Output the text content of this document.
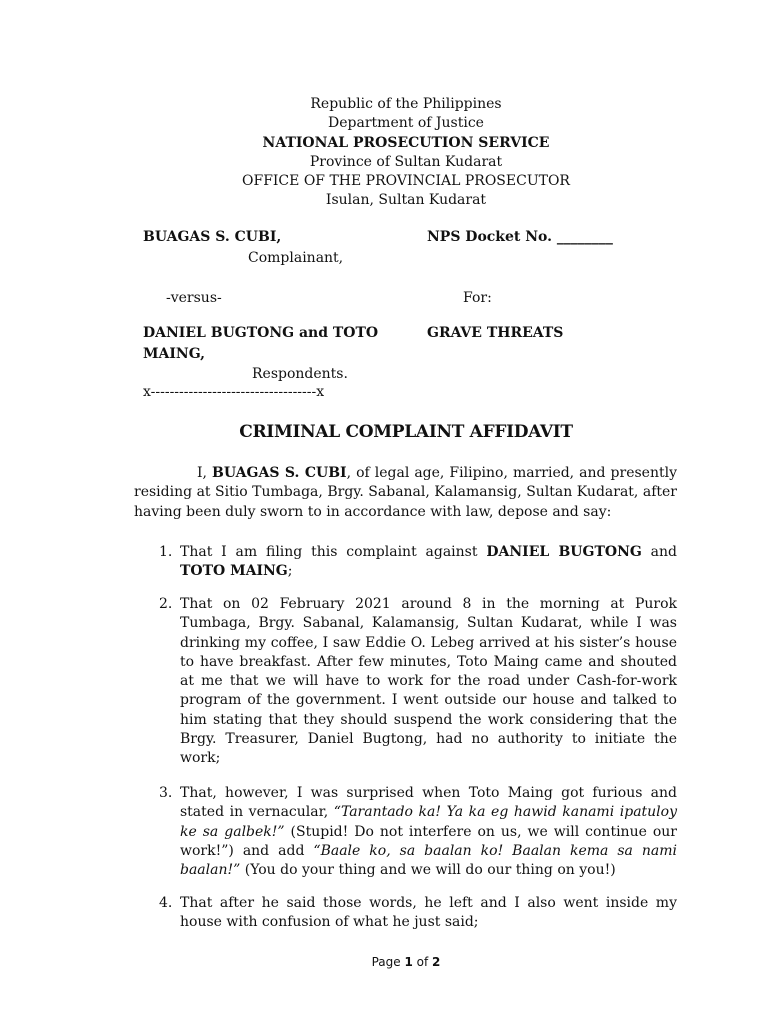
Republic of the Philippines
Department of Justice
NATIONAL PROSECUTION SERVICE
Province of Sultan Kudarat
OFFICE OF THE PROVINCIAL PROSECUTOR
Isulan, Sultan Kudarat
BUAGAS S. CUBI,
Complainant,
-versus-
DANIEL BUGTONG and TOTO
MAING,
Respondents.
x-----------------------------------x
NPS Docket No. ________
For:
GRAVE THREATS
CRIMINAL COMPLAINT AFFIDAVIT

I, BUAGAS S. CUBI, of legal age, Filipino, married, and presently residing at Sitio Tumbaga, Brgy. Sabanal, Kalamansig, Sultan Kudarat, after having been duly sworn to in accordance with law, depose and say:

1. That I am filing this complaint against DANIEL BUGTONG and TOTO MAING;
2. That on 02 February 2021 around 8 in the morning at Purok Tumbaga, Brgy. Sabanal, Kalamansig, Sultan Kudarat, while I was drinking my coffee, I saw Eddie O. Lebeg arrived at his sister’s house to have breakfast. After few minutes, Toto Maing came and shouted at me that we will have to work for the road under Cash-for-work program of the government. I went outside our house and talked to him stating that they should suspend the work considering that the Brgy. Treasurer, Daniel Bugtong, had no authority to initiate the work;
3. That, however, I was surprised when Toto Maing got furious and stated in vernacular, “Tarantado ka! Ya ka eg hawid kanami ipatuloy ke sa galbek!” (Stupid! Do not interfere on us, we will continue our work!”) and add “Baale ko, sa baalan ko! Baalan kema sa nami baalan!” (You do your thing and we will do our thing on you!)
4. That after he said those words, he left and I also went inside my house with confusion of what he just said;
Page 1 of 2
